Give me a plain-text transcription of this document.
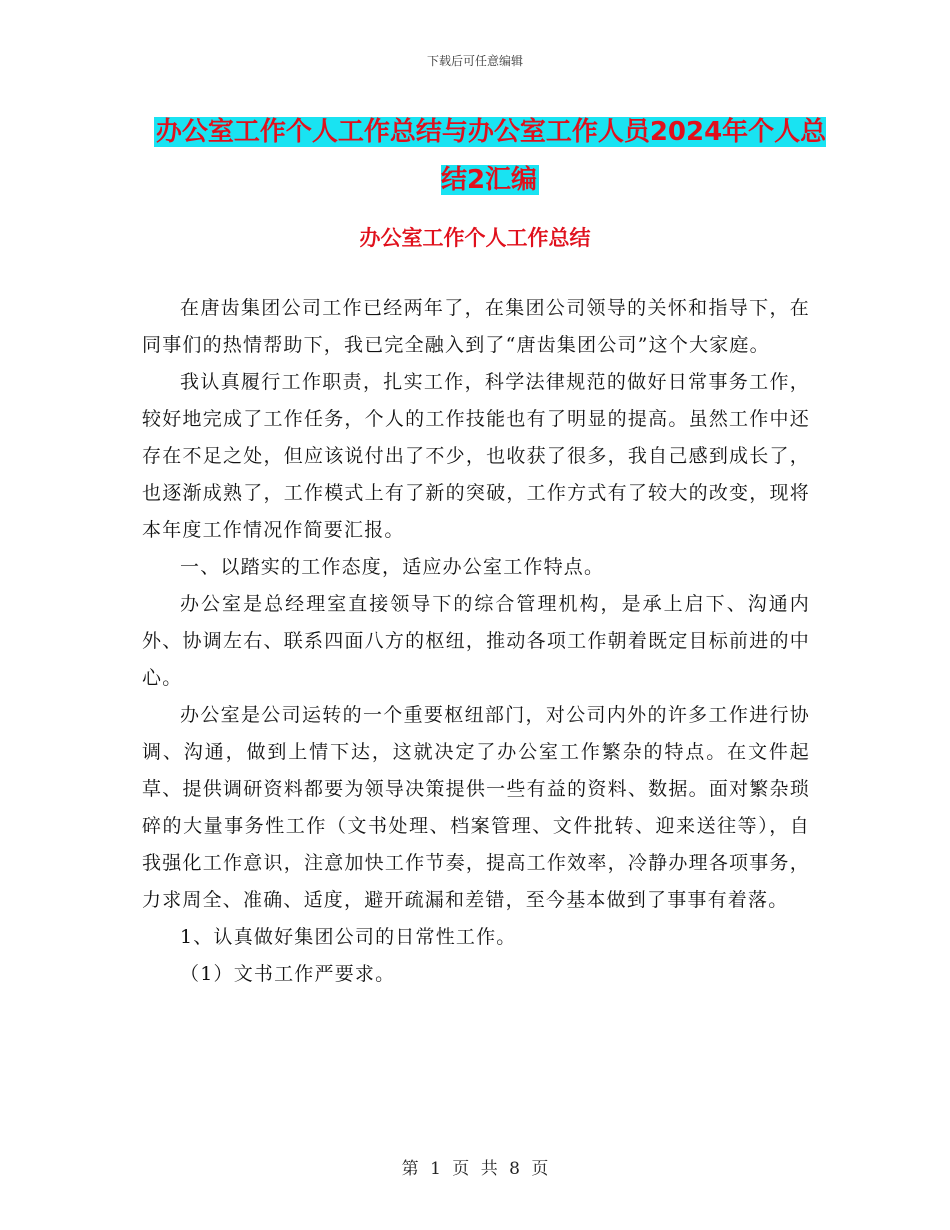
下载后可任意编辑
办公室工作个人工作总结与办公室工作人员2024年个人总结2汇编
办公室工作个人工作总结

在唐齿集团公司工作已经两年了，在集团公司领导的关怀和指导下，在同事们的热情帮助下，我已完全融入到了“唐齿集团公司”这个大家庭。

我认真履行工作职责，扎实工作，科学法律规范的做好日常事务工作，较好地完成了工作任务，个人的工作技能也有了明显的提高。虽然工作中还存在不足之处，但应该说付出了不少，也收获了很多，我自己感到成长了，也逐渐成熟了，工作模式上有了新的突破，工作方式有了较大的改变，现将本年度工作情况作简要汇报。

一、以踏实的工作态度，适应办公室工作特点。

办公室是总经理室直接领导下的综合管理机构，是承上启下、沟通内外、协调左右、联系四面八方的枢纽，推动各项工作朝着既定目标前进的中心。

办公室是公司运转的一个重要枢纽部门，对公司内外的许多工作进行协调、沟通，做到上情下达，这就决定了办公室工作繁杂的特点。在文件起草、提供调研资料都要为领导决策提供一些有益的资料、数据。面对繁杂琐碎的大量事务性工作（文书处理、档案管理、文件批转、迎来送往等），自我强化工作意识，注意加快工作节奏，提高工作效率，冷静办理各项事务，力求周全、准确、适度，避开疏漏和差错，至今基本做到了事事有着落。

1、认真做好集团公司的日常性工作。

（1）文书工作严要求。

第 1 页 共 8 页
